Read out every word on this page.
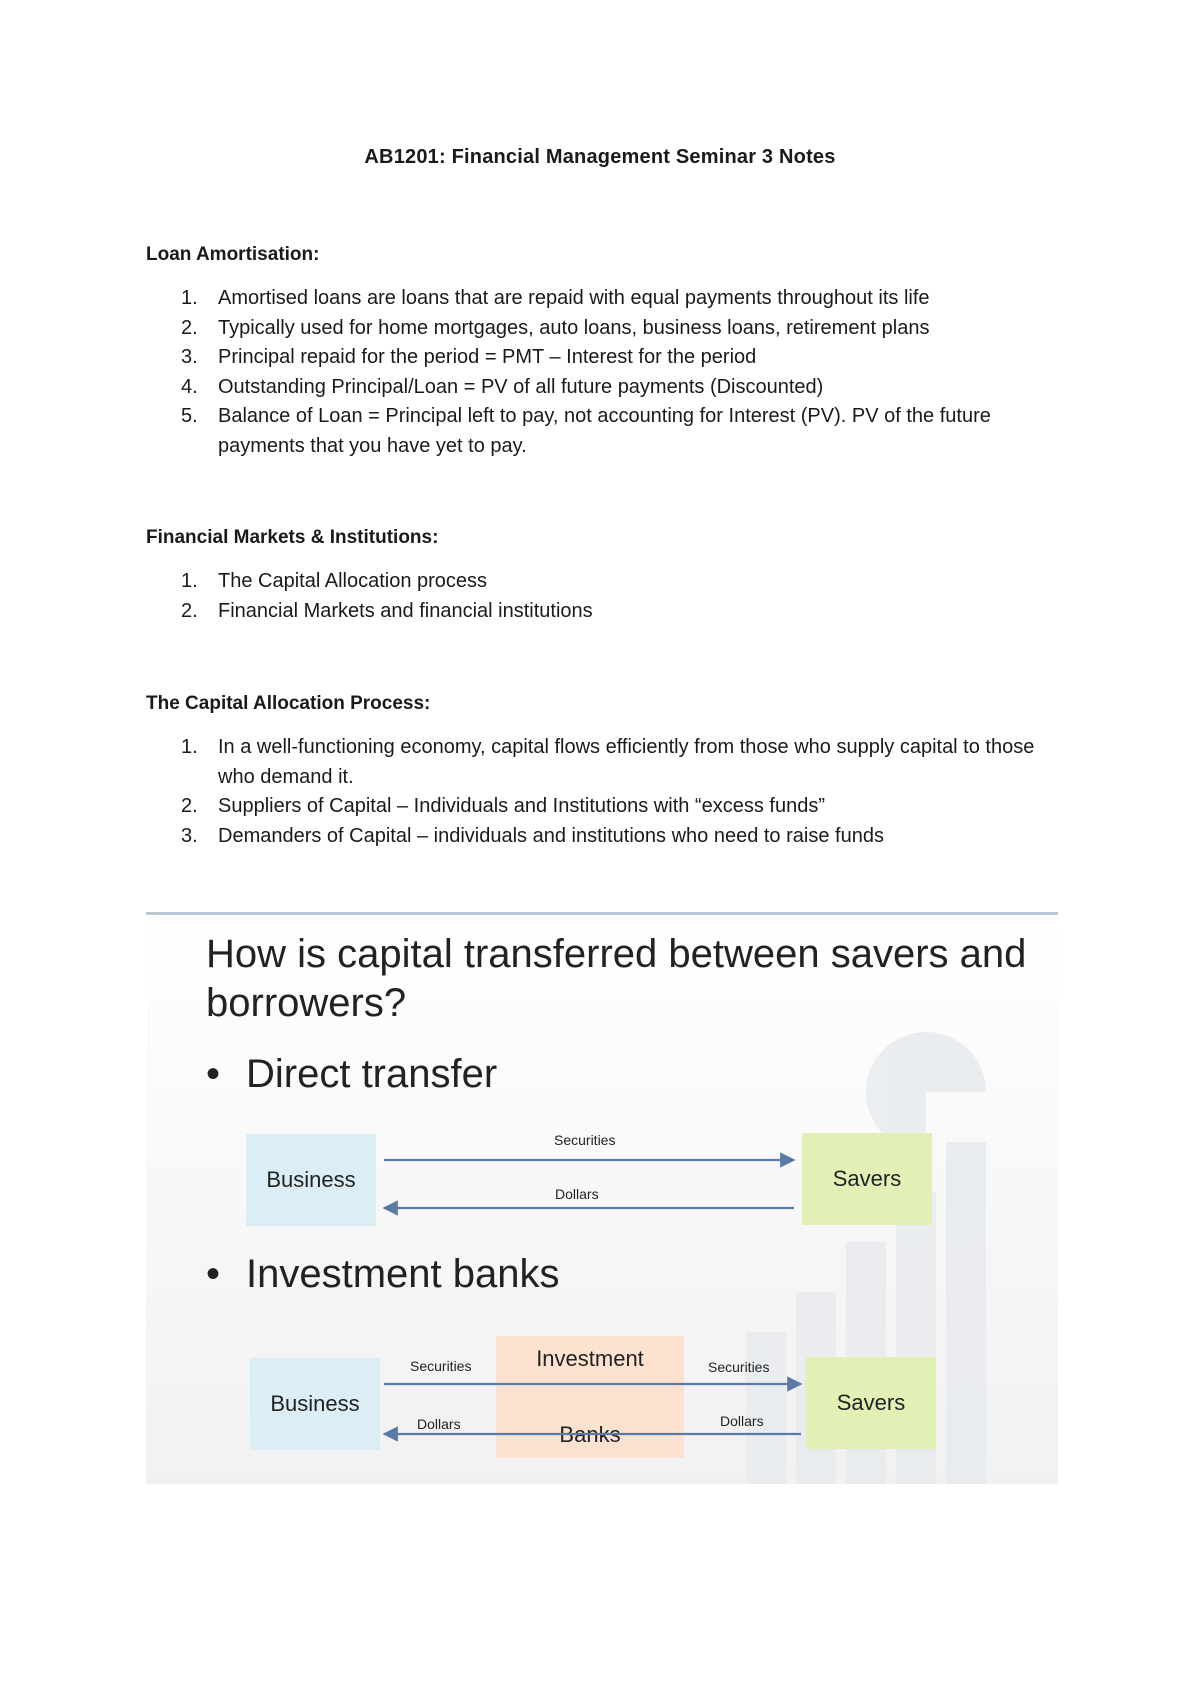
AB1201: Financial Management Seminar 3 Notes
Loan Amortisation:
1. Amortised loans are loans that are repaid with equal payments throughout its life
2. Typically used for home mortgages, auto loans, business loans, retirement plans
3. Principal repaid for the period = PMT – Interest for the period
4. Outstanding Principal/Loan = PV of all future payments (Discounted)
5. Balance of Loan = Principal left to pay, not accounting for Interest (PV). PV of the future payments that you have yet to pay.
Financial Markets & Institutions:
1. The Capital Allocation process
2. Financial Markets and financial institutions
The Capital Allocation Process:
1. In a well-functioning economy, capital flows efficiently from those who supply capital to those who demand it.
2. Suppliers of Capital – Individuals and Institutions with “excess funds”
3. Demanders of Capital – individuals and institutions who need to raise funds
How is capital transferred between savers and borrowers?
• Direct transfer
Business	Savers
Securities
Dollars
• Investment banks
Business
Investment
Banks
Savers
Securities
Dollars
Securities
Dollars
